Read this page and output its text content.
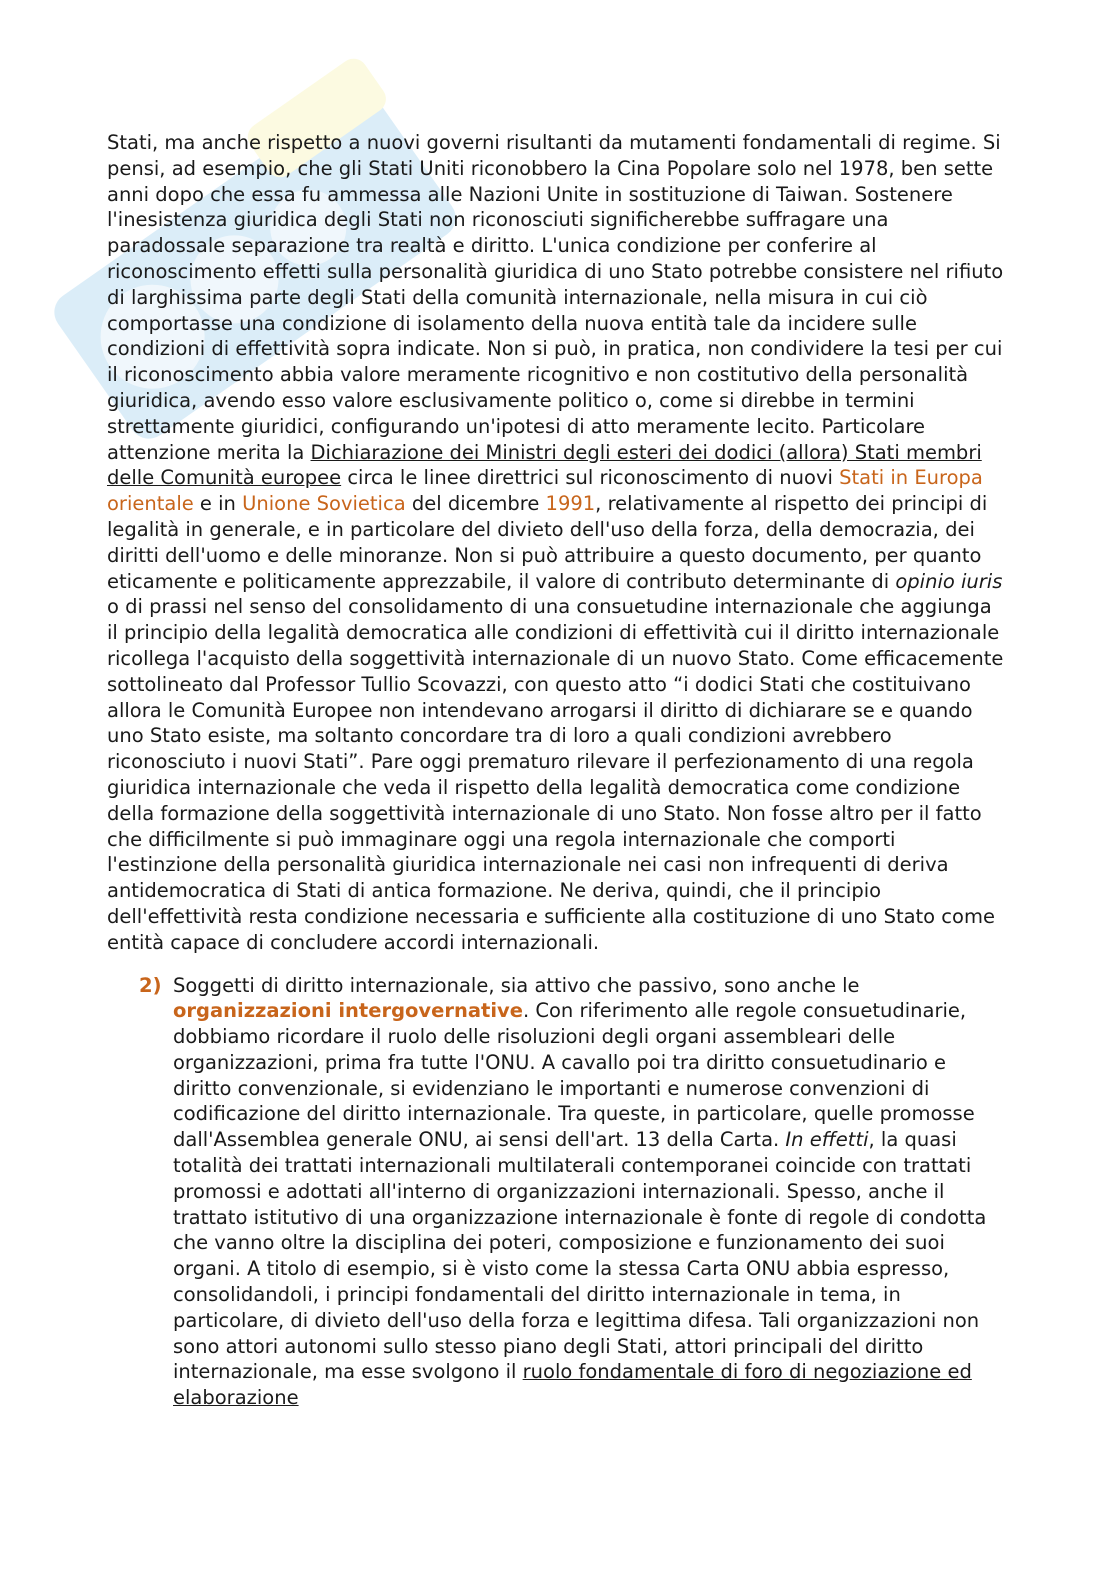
Stati, ma anche rispetto a nuovi governi risultanti da mutamenti fondamentali di regime. Si pensi, ad esempio, che gli Stati Uniti riconobbero la Cina Popolare solo nel 1978, ben sette anni dopo che essa fu ammessa alle Nazioni Unite in sostituzione di Taiwan. Sostenere l'inesistenza giuridica degli Stati non riconosciuti significherebbe suffragare una paradossale separazione tra realtà e diritto. L'unica condizione per conferire al riconoscimento effetti sulla personalità giuridica di uno Stato potrebbe consistere nel rifiuto di larghissima parte degli Stati della comunità internazionale, nella misura in cui ciò comportasse una condizione di isolamento della nuova entità tale da incidere sulle condizioni di effettività sopra indicate. Non si può, in pratica, non condividere la tesi per cui il riconoscimento abbia valore meramente ricognitivo e non costitutivo della personalità giuridica, avendo esso valore esclusivamente politico o, come si direbbe in termini strettamente giuridici, configurando un'ipotesi di atto meramente lecito. Particolare attenzione merita la Dichiarazione dei Ministri degli esteri dei dodici (allora) Stati membri delle Comunità europee circa le linee direttrici sul riconoscimento di nuovi Stati in Europa orientale e in Unione Sovietica del dicembre 1991, relativamente al rispetto dei principi di legalità in generale, e in particolare del divieto dell'uso della forza, della democrazia, dei diritti dell'uomo e delle minoranze. Non si può attribuire a questo documento, per quanto eticamente e politicamente apprezzabile, il valore di contributo determinante di opinio iuris o di prassi nel senso del consolidamento di una consuetudine internazionale che aggiunga il principio della legalità democratica alle condizioni di effettività cui il diritto internazionale ricollega l'acquisto della soggettività internazionale di un nuovo Stato. Come efficacemente sottolineato dal Professor Tullio Scovazzi, con questo atto “i dodici Stati che costituivano allora le Comunità Europee non intendevano arrogarsi il diritto di dichiarare se e quando uno Stato esiste, ma soltanto concordare tra di loro a quali condizioni avrebbero riconosciuto i nuovi Stati”. Pare oggi prematuro rilevare il perfezionamento di una regola giuridica internazionale che veda il rispetto della legalità democratica come condizione della formazione della soggettività internazionale di uno Stato. Non fosse altro per il fatto che difficilmente si può immaginare oggi una regola internazionale che comporti l'estinzione della personalità giuridica internazionale nei casi non infrequenti di deriva antidemocratica di Stati di antica formazione. Ne deriva, quindi, che il principio dell'effettività resta condizione necessaria e sufficiente alla costituzione di uno Stato come entità capace di concludere accordi internazionali.

2) Soggetti di diritto internazionale, sia attivo che passivo, sono anche le organizzazioni intergovernative. Con riferimento alle regole consuetudinarie, dobbiamo ricordare il ruolo delle risoluzioni degli organi assembleari delle organizzazioni, prima fra tutte l'ONU. A cavallo poi tra diritto consuetudinario e diritto convenzionale, si evidenziano le importanti e numerose convenzioni di codificazione del diritto internazionale. Tra queste, in particolare, quelle promosse dall'Assemblea generale ONU, ai sensi dell'art. 13 della Carta. In effetti, la quasi totalità dei trattati internazionali multilaterali contemporanei coincide con trattati promossi e adottati all'interno di organizzazioni internazionali. Spesso, anche il trattato istitutivo di una organizzazione internazionale è fonte di regole di condotta che vanno oltre la disciplina dei poteri, composizione e funzionamento dei suoi organi. A titolo di esempio, si è visto come la stessa Carta ONU abbia espresso, consolidandoli, i principi fondamentali del diritto internazionale in tema, in particolare, di divieto dell'uso della forza e legittima difesa. Tali organizzazioni non sono attori autonomi sullo stesso piano degli Stati, attori principali del diritto internazionale, ma esse svolgono il ruolo fondamentale di foro di negoziazione ed elaborazione
